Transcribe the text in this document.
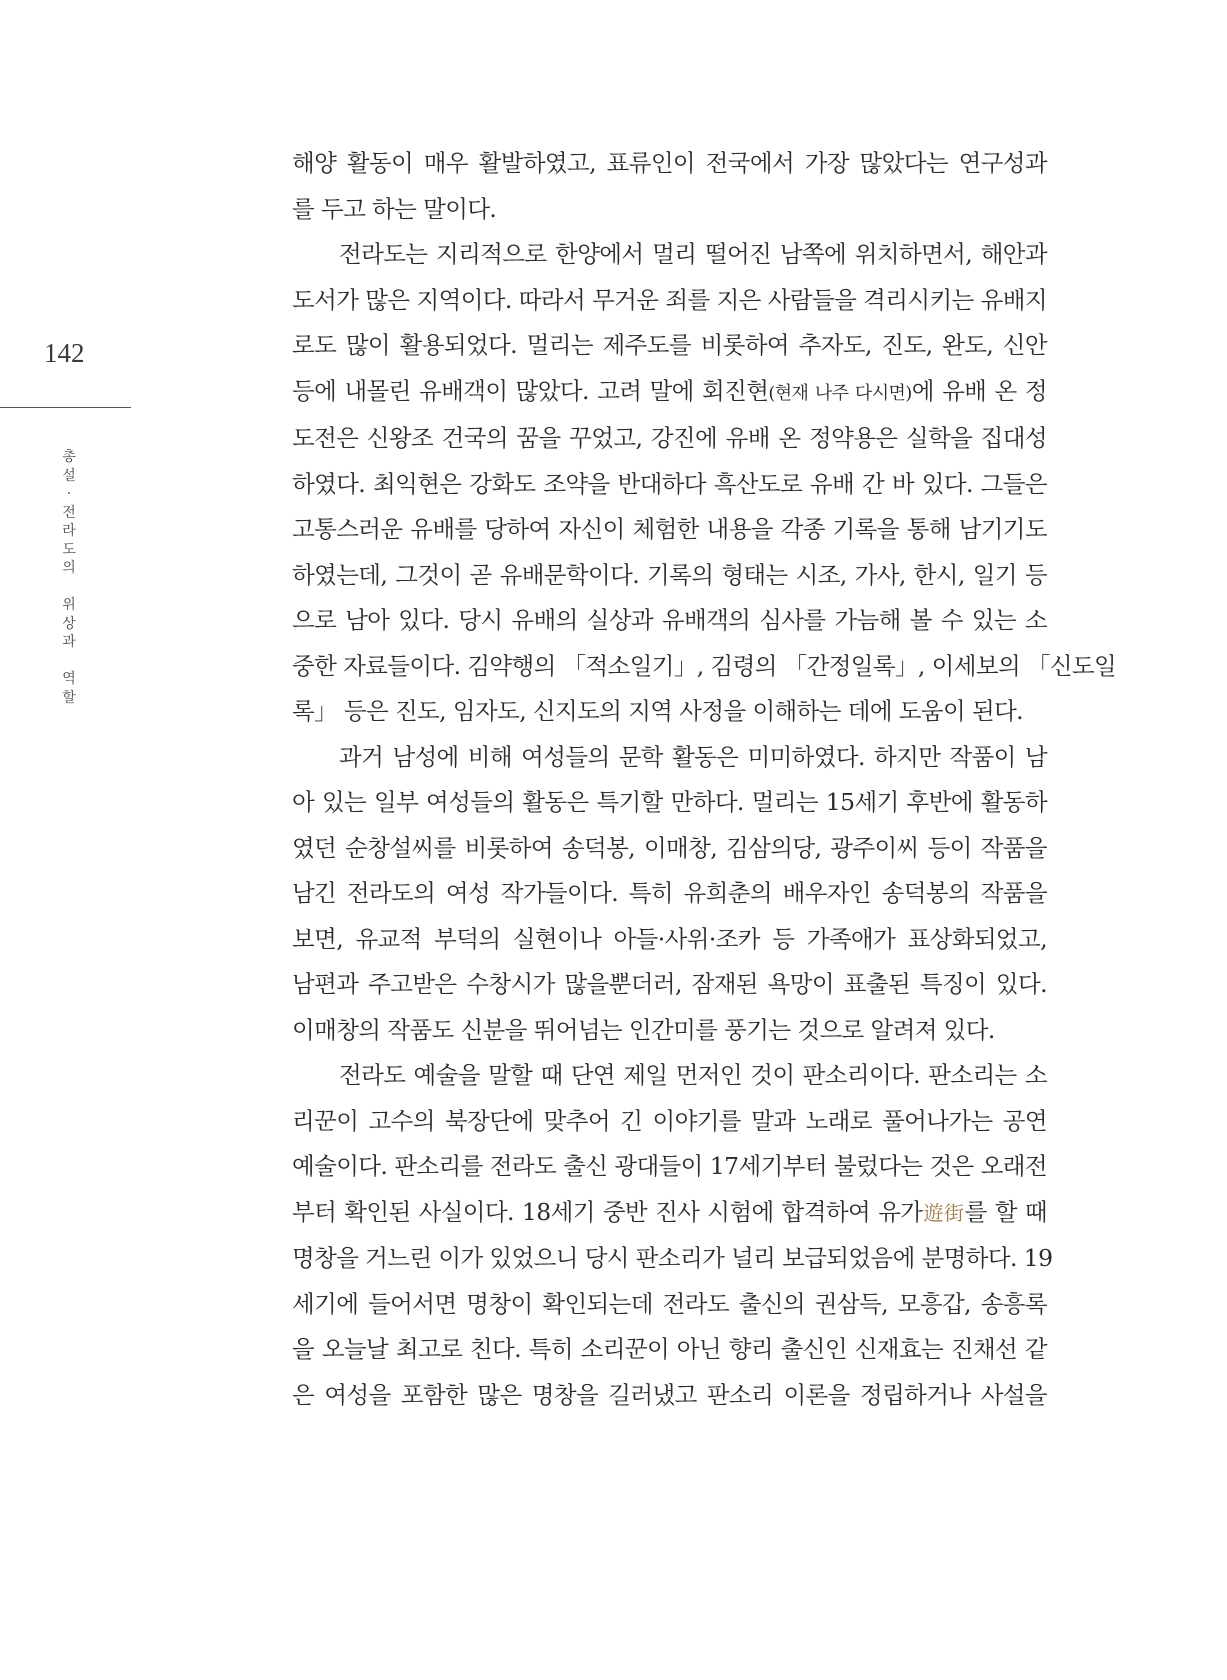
142
총
설
·
전
라
도
의

위
상
과

역
할

해양 활동이 매우 활발하였고, 표류인이 전국에서 가장 많았다는 연구성과
를 두고 하는 말이다.

전라도는 지리적으로 한양에서 멀리 떨어진 남쪽에 위치하면서, 해안과
도서가 많은 지역이다. 따라서 무거운 죄를 지은 사람들을 격리시키는 유배지
로도 많이 활용되었다. 멀리는 제주도를 비롯하여 추자도, 진도, 완도, 신안
등에 내몰린 유배객이 많았다. 고려 말에 회진현(현재 나주 다시면)에 유배 온 정
도전은 신왕조 건국의 꿈을 꾸었고, 강진에 유배 온 정약용은 실학을 집대성
하였다. 최익현은 강화도 조약을 반대하다 흑산도로 유배 간 바 있다. 그들은
고통스러운 유배를 당하여 자신이 체험한 내용을 각종 기록을 통해 남기기도
하였는데, 그것이 곧 유배문학이다. 기록의 형태는 시조, 가사, 한시, 일기 등
으로 남아 있다. 당시 유배의 실상과 유배객의 심사를 가늠해 볼 수 있는 소
중한 자료들이다. 김약행의 「적소일기」, 김령의 「간정일록」, 이세보의 「신도일
록」 등은 진도, 임자도, 신지도의 지역 사정을 이해하는 데에 도움이 된다.

과거 남성에 비해 여성들의 문학 활동은 미미하였다. 하지만 작품이 남
아 있는 일부 여성들의 활동은 특기할 만하다. 멀리는 15세기 후반에 활동하
였던 순창설씨를 비롯하여 송덕봉, 이매창, 김삼의당, 광주이씨 등이 작품을
남긴 전라도의 여성 작가들이다. 특히 유희춘의 배우자인 송덕봉의 작품을
보면, 유교적 부덕의 실현이나 아들·사위·조카 등 가족애가 표상화되었고,
남편과 주고받은 수창시가 많을뿐더러, 잠재된 욕망이 표출된 특징이 있다.
이매창의 작품도 신분을 뛰어넘는 인간미를 풍기는 것으로 알려져 있다.

전라도 예술을 말할 때 단연 제일 먼저인 것이 판소리이다. 판소리는 소
리꾼이 고수의 북장단에 맞추어 긴 이야기를 말과 노래로 풀어나가는 공연
예술이다. 판소리를 전라도 출신 광대들이 17세기부터 불렀다는 것은 오래전
부터 확인된 사실이다. 18세기 중반 진사 시험에 합격하여 유가遊街를 할 때
명창을 거느린 이가 있었으니 당시 판소리가 널리 보급되었음에 분명하다. 19
세기에 들어서면 명창이 확인되는데 전라도 출신의 권삼득, 모흥갑, 송흥록
을 오늘날 최고로 친다. 특히 소리꾼이 아닌 향리 출신인 신재효는 진채선 같
은 여성을 포함한 많은 명창을 길러냈고 판소리 이론을 정립하거나 사설을
